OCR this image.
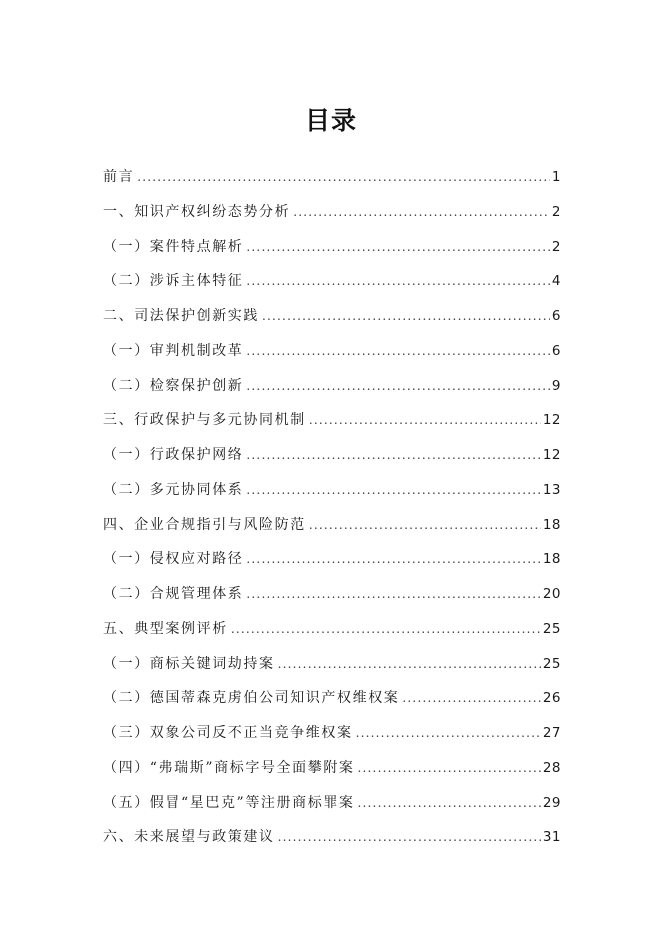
目录
前言 .....	1
一、知识产权纠纷态势分析 .....	2
（一）案件特点解析 .....	2
（二）涉诉主体特征 .....	4
二、司法保护创新实践 .....	6
（一）审判机制改革 .....	6
（二）检察保护创新 .....	9
三、行政保护与多元协同机制 .....	12
（一）行政保护网络 .....	12
（二）多元协同体系 .....	13
四、企业合规指引与风险防范 .....	18
（一）侵权应对路径 .....	18
（二）合规管理体系 .....	20
五、典型案例评析 .....	25
（一）商标关键词劫持案 .....	25
（二）德国蒂森克虏伯公司知识产权维权案 .....	26
（三）双象公司反不正当竞争维权案 .....	27
（四）“弗瑞斯”商标字号全面攀附案 .....	28
（五）假冒“星巴克”等注册商标罪案 .....	29
六、未来展望与政策建议 .....	31
